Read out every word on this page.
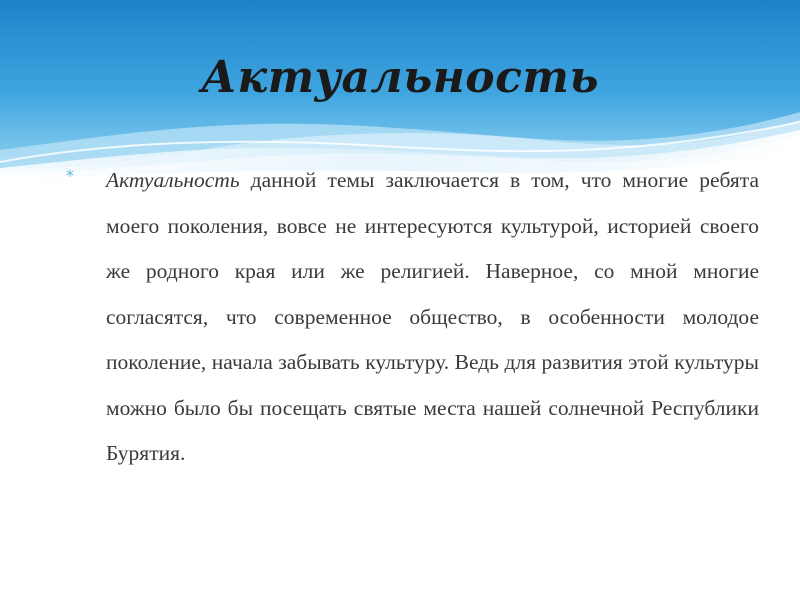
Актуальность
* Актуальность данной темы заключается в том, что многие ребята моего поколения, вовсе не интересуются культурой, историей своего же родного края или же религией. Наверное, со мной многие согласятся, что современное общество, в особенности молодое поколение, начала забывать культуру. Ведь для развития этой культуры можно было бы посещать святые места нашей солнечной Республики Бурятия.
